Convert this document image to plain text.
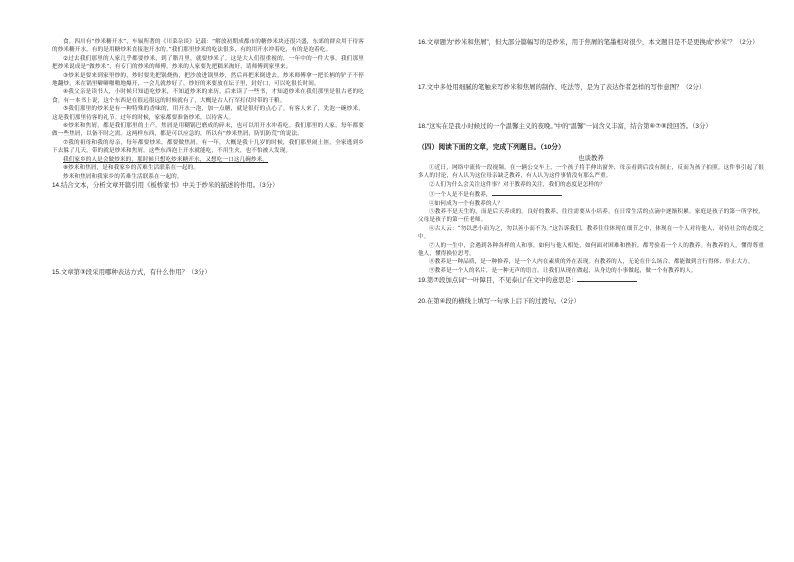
食。四川有“炒米糖开水”，车辐所著的《川菜杂谈》记载：“解放初期成都市的糖炒米块还很兴盛，东郊的群众用于待客的炒米糖开水，有的是用糖炒米直接泡开水的。”我们那里炒米的吃法很多，有的用开水冲着吃，有的是泡着吃。

②过去我们那里的人家几乎都要炒米，到了腊月里，就要炒米了。这是大人们很重视的，一年中的一件大事。我们那里把炒米说成是“做炒米”，有专门的炒米的师傅，炒米的人家要先把糯米淘好，请师傅到家里来。

③炒米是要来到家里炒的，炒时要先把锅烧热，把沙放进锅里炒，然后再把米倒进去，炒米师傅拿一把长柄的铲子不停地翻炒，米在锅里噼噼啪啪地爆开，一会儿就炒好了。炒好的米要放在坛子里，封好口，可以吃很长时间。

④我父亲是读书人，小时候只知道吃炒米，不知道炒米的来历。后来读了一些书，才知道炒米在我们那里是很古老的吃食。有一本书上说，这个东西是在很远很远的时候就有了，大概是古人行军打仗时带的干粮。

⑤我们那里的炒米是有一种特殊的香味的，用开水一泡，加一点糖，就是很好的点心了。有客人来了，先泡一碗炒米，这是我们那里待客的礼节。过年的时候，家家都要准备炒米，以待客人。

⑥炒米和焦屑，都是我们那里的土产。焦屑是用糊锅巴磨成的碎末，也可以用开水冲着吃。我们那里的人家，每年都要做一些焦屑，以备不时之需。这两样东西，都是可以应急的，所以有“炒米焦屑，防饥防荒”的说法。

⑦我的祖母和我的母亲，每年都要炒米，都要做焦屑。有一年，大概是我十几岁的时候，我们那里闹土匪，全家逃到乡下去躲了几天，带的就是炒米和焦屑。这些东西泡上开水就能吃，不用生火，也不怕被人发现。

我们家乡的人是会做炒米的，那时候只想吃炒米糖开水，又想吃一口这几碗炒米。

⑧炒米和焦屑，是和我家乡的苦难生活联系在一起的。

炒米和焦屑和我家乡的苦难生活联系在一起的。

14.结合文本，分析文章开篇引用《板桥家书》中关于炒米的描述的作用。（3分）

15.文章第③段采用哪种表达方式，有什么作用？（3分）

16.文章题为“炒米和焦屑”，但大部分篇幅写的是炒米，用于焦屑的笔墨相对很少，本文题目是不是更换成“炒米”？（2分）

17.文中多处用细腻的笔触来写炒米和焦屑的制作、吃法等，是为了表达作者怎样的写作意图？（2分）

18.“这实在是我小时候过的一个温馨主义的夜晚。”中的“温馨”一词含义丰富，结合第⑥⑦⑧段回答。（3分）

（四）阅读下面的文章，完成下列题目。（10分）

也谈教养

①近日，网络中流传一段视频，在一辆公交车上，一个孩子将手伸出窗外，母亲看到后没有制止，反而为孩子拍照。这件事引起了很多人的讨论，有人认为这位母亲缺乏教养，有人认为这件事情没有那么严重。

②人们为什么会关注这件事？对于教养的关注，我们的态度是怎样的？

③一个人是不是有教养，

④如何成为一个有教养的人？

⑤教养不是天生的，而是后天养成的。良好的教养，往往需要从小培养，在日常生活的点滴中逐渐积累。家庭是孩子的第一所学校，父母是孩子的第一任老师。

⑥古人云：“勿以恶小而为之，勿以善小而不为。”这告诉我们，教养往往体现在细节之中，体现在一个人对待他人、对待社会的态度之中。

⑦人的一生中，会遇到各种各样的人和事，如何与他人相处，如何面对困难和挫折，都考验着一个人的教养。有教养的人，懂得尊重他人，懂得换位思考。

⑧教养是一种品质，是一种修养，是一个人内在素质的外在表现。有教养的人，无论在什么场合，都能做到言行得体、举止大方。

⑨教养是一个人的名片，是一种无声的语言。让我们从现在做起，从身边的小事做起，做一个有教养的人。

19.第⑦段加点词“一叶障目，不见泰山”在文中的意思是：

20.在第④段的横线上填写一句承上启下的过渡句。（2分）
